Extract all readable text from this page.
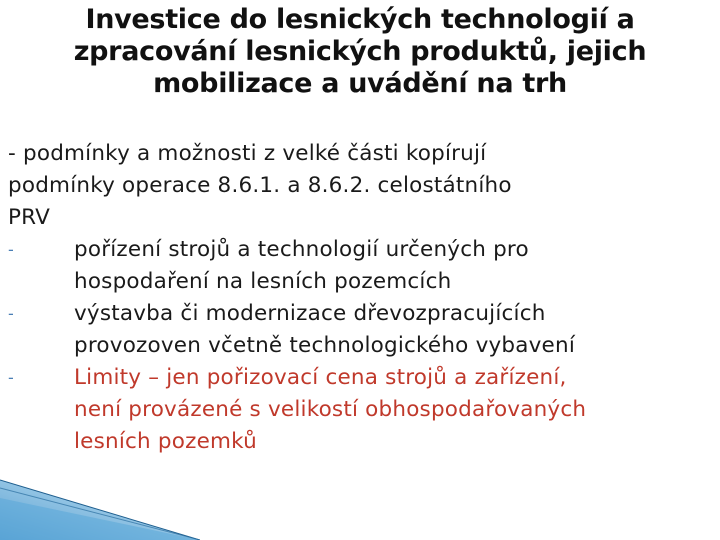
Investice do lesnických technologií a
zpracování lesnických produktů, jejich
mobilizace a uvádění na trh
- podmínky a možnosti z velké části kopírují
podmínky operace 8.6.1. a 8.6.2. celostátního
PRV
-	pořízení strojů a technologií určených pro
hospodaření na lesních pozemcích
-	výstavba či modernizace dřevozpracujících
provozoven včetně technologického vybavení
-	Limity – jen pořizovací cena strojů a zařízení,
není provázené s velikostí obhospodařovaných
lesních pozemků
